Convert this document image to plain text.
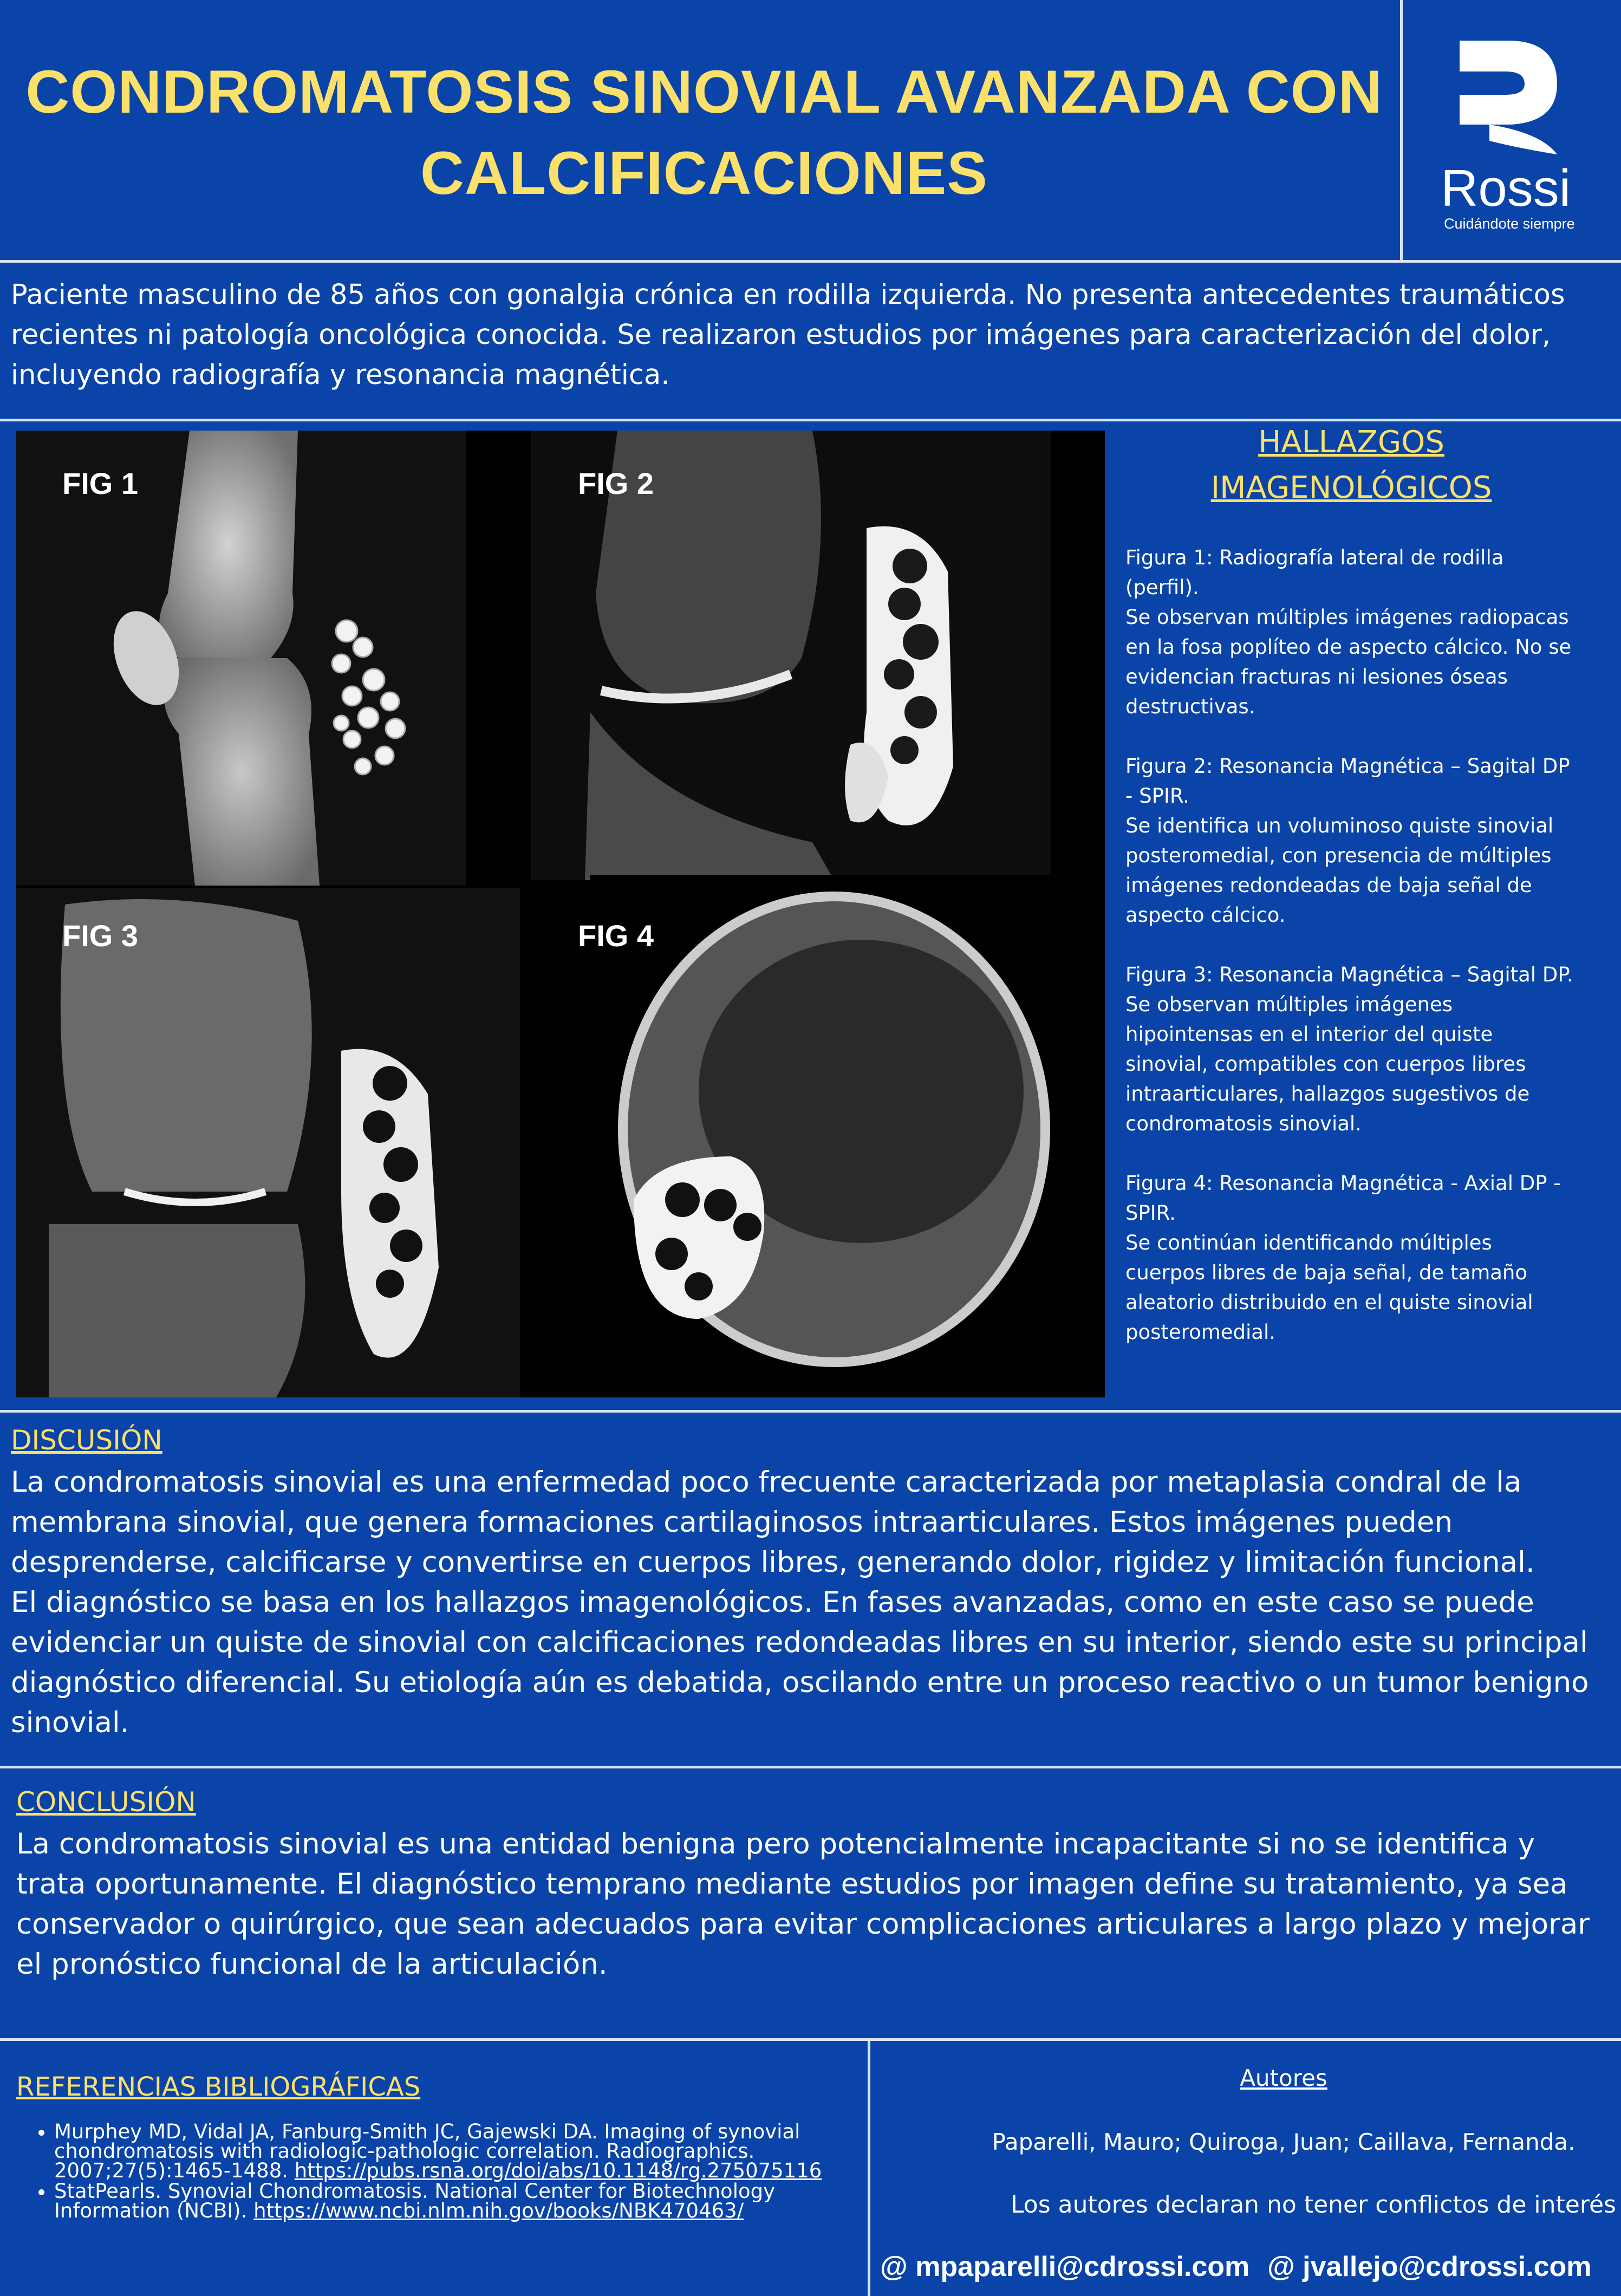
CONDROMATOSIS SINOVIAL AVANZADA CON CALCIFICACIONES	Rossi
Cuidándote siempre
Paciente masculino de 85 años con gonalgia crónica en rodilla izquierda. No presenta antecedentes traumáticos recientes ni patología oncológica conocida. Se realizaron estudios por imágenes para caracterización del dolor, incluyendo radiografía y resonancia magnética.
FIG 1	FIG 2
FIG 3	FIG 4
HALLAZGOS IMAGENOLÓGICOS

Figura 1: Radiografía lateral de rodilla (perfil).

Se observan múltiples imágenes radiopacas en la fosa poplíteo de aspecto cálcico. No se evidencian fracturas ni lesiones óseas destructivas.

Figura 2: Resonancia Magnética – Sagital DP - SPIR.

Se identifica un voluminoso quiste sinovial posteromedial, con presencia de múltiples imágenes redondeadas de baja señal de aspecto cálcico.

Figura 3: Resonancia Magnética – Sagital DP.

Se observan múltiples imágenes hipointensas en el interior del quiste sinovial, compatibles con cuerpos libres intraarticulares, hallazgos sugestivos de condromatosis sinovial.

Figura 4: Resonancia Magnética - Axial DP - SPIR.

Se continúan identificando múltiples cuerpos libres de baja señal, de tamaño aleatorio distribuido en el quiste sinovial posteromedial.

DISCUSIÓN

La condromatosis sinovial es una enfermedad poco frecuente caracterizada por metaplasia condral de la membrana sinovial, que genera formaciones cartilaginosos intraarticulares. Estos imágenes pueden desprenderse, calcificarse y convertirse en cuerpos libres, generando dolor, rigidez y limitación funcional.

El diagnóstico se basa en los hallazgos imagenológicos. En fases avanzadas, como en este caso se puede evidenciar un quiste de sinovial con calcificaciones redondeadas libres en su interior, siendo este su principal diagnóstico diferencial. Su etiología aún es debatida, oscilando entre un proceso reactivo o un tumor benigno sinovial.

CONCLUSIÓN
La condromatosis sinovial es una entidad benigna pero potencialmente incapacitante si no se identifica y trata oportunamente. El diagnóstico temprano mediante estudios por imagen define su tratamiento, ya sea conservador o quirúrgico, que sean adecuados para evitar complicaciones articulares a largo plazo y mejorar el pronóstico funcional de la articulación.
REFERENCIAS BIBLIOGRÁFICAS
• Murphey MD, Vidal JA, Fanburg-Smith JC, Gajewski DA. Imaging of synovial chondromatosis with radiologic-pathologic correlation. Radiographics. 2007;27(5):1465-1488. https://pubs.rsna.org/doi/abs/10.1148/rg.275075116
• StatPearls. Synovial Chondromatosis. National Center for Biotechnology Information (NCBI). https://www.ncbi.nlm.nih.gov/books/NBK470463/
Autores
Paparelli, Mauro; Quiroga, Juan; Caillava, Fernanda.
Los autores declaran no tener conflictos de interés
@ mpaparelli@cdrossi.com @ jvallejo@cdrossi.com
